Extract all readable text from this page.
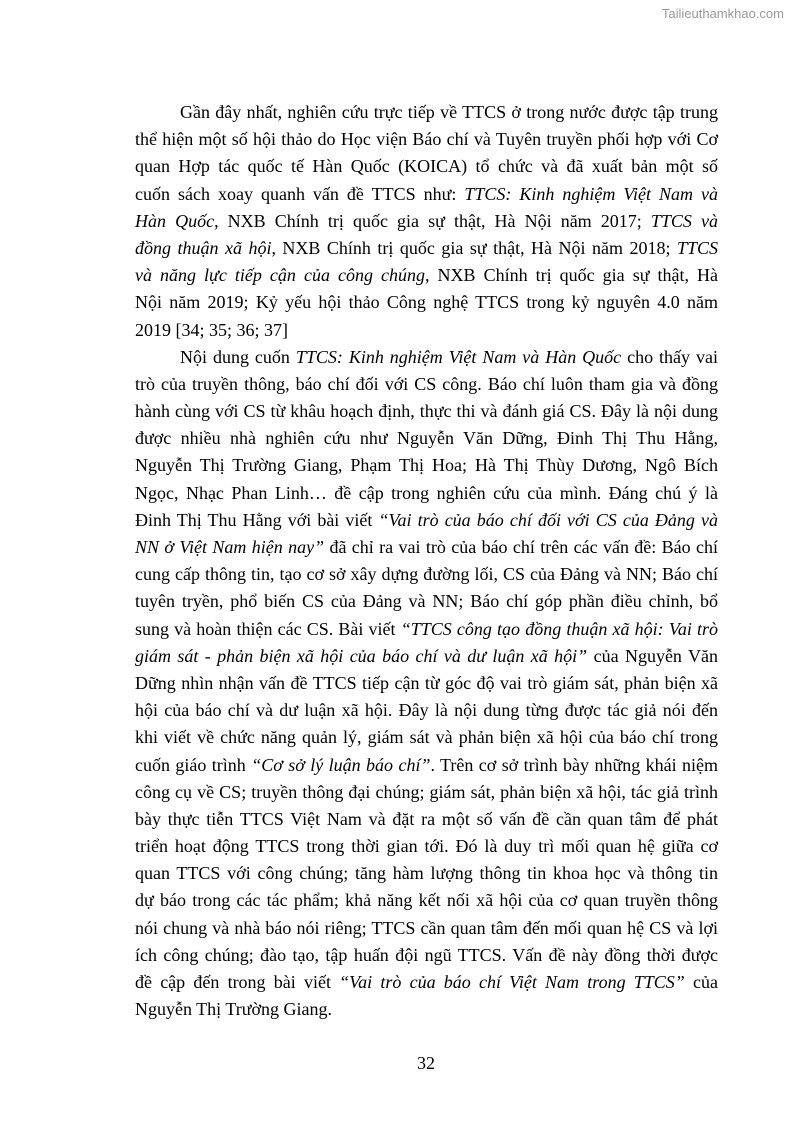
Tailieuthamkhao.com
Gần đây nhất, nghiên cứu trực tiếp về TTCS ở trong nước được tập trung
thể hiện một số hội thảo do Học viện Báo chí và Tuyên truyền phối hợp với Cơ
quan Hợp tác quốc tế Hàn Quốc (KOICA) tổ chức và đã xuất bản một số
cuốn sách xoay quanh vấn đề TTCS như: TTCS: Kinh nghiệm Việt Nam và
Hàn Quốc, NXB Chính trị quốc gia sự thật, Hà Nội năm 2017; TTCS và
đồng thuận xã hội, NXB Chính trị quốc gia sự thật, Hà Nội năm 2018; TTCS
và năng lực tiếp cận của công chúng, NXB Chính trị quốc gia sự thật, Hà
Nội năm 2019; Kỷ yếu hội thảo Công nghệ TTCS trong kỷ nguyên 4.0 năm
2019 [34; 35; 36; 37]
Nội dung cuốn TTCS: Kinh nghiệm Việt Nam và Hàn Quốc cho thấy vai
trò của truyền thông, báo chí đối với CS công. Báo chí luôn tham gia và đồng
hành cùng với CS từ khâu hoạch định, thực thi và đánh giá CS. Đây là nội dung
được nhiều nhà nghiên cứu như Nguyễn Văn Dững, Đinh Thị Thu Hằng,
Nguyễn Thị Trường Giang, Phạm Thị Hoa; Hà Thị Thùy Dương, Ngô Bích
Ngọc, Nhạc Phan Linh… đề cập trong nghiên cứu của mình. Đáng chú ý là
Đinh Thị Thu Hằng với bài viết “Vai trò của báo chí đối với CS của Đảng và
NN ở Việt Nam hiện nay” đã chỉ ra vai trò của báo chí trên các vấn đề: Báo chí
cung cấp thông tin, tạo cơ sở xây dựng đường lối, CS của Đảng và NN; Báo chí
tuyên tryền, phổ biến CS của Đảng và NN; Báo chí góp phần điều chỉnh, bổ
sung và hoàn thiện các CS. Bài viết “TTCS công tạo đồng thuận xã hội: Vai trò
giám sát - phản biện xã hội của báo chí và dư luận xã hội” của Nguyễn Văn
Dững nhìn nhận vấn đề TTCS tiếp cận từ góc độ vai trò giám sát, phản biện xã
hội của báo chí và dư luận xã hội. Đây là nội dung từng được tác giả nói đến
khi viết về chức năng quản lý, giám sát và phản biện xã hội của báo chí trong
cuốn giáo trình “Cơ sở lý luận báo chí”. Trên cơ sở trình bày những khái niệm
công cụ về CS; truyền thông đại chúng; giám sát, phản biện xã hội, tác giả trình
bày thực tiễn TTCS Việt Nam và đặt ra một số vấn đề cần quan tâm để phát
triển hoạt động TTCS trong thời gian tới. Đó là duy trì mối quan hệ giữa cơ
quan TTCS với công chúng; tăng hàm lượng thông tin khoa học và thông tin
dự báo trong các tác phẩm; khả năng kết nối xã hội của cơ quan truyền thông
nói chung và nhà báo nói riêng; TTCS cần quan tâm đến mối quan hệ CS và lợi
ích công chúng; đào tạo, tập huấn đội ngũ TTCS. Vấn đề này đồng thời được
đề cập đến trong bài viết “Vai trò của báo chí Việt Nam trong TTCS” của
Nguyễn Thị Trường Giang.
32
